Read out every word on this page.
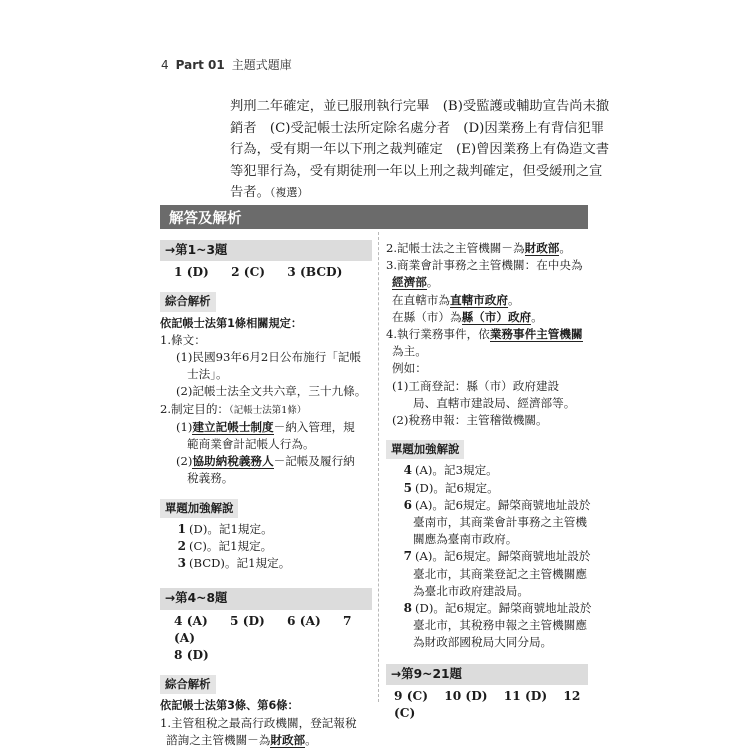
4 Part 01 主題式題庫

判刑二年確定，並已服刑執行完畢　(B)受監護或輔助宣告尚未撤

銷者　(C)受記帳士法所定除名處分者　(D)因業務上有背信犯罪

行為，受有期一年以下刑之裁判確定　(E)曾因業務上有偽造文書

等犯罪行為，受有期徒刑一年以上刑之裁判確定，但受緩刑之宣

告者。（複選）

解答及解析
→第1~3題
1 (D) 2 (C) 3 (BCD)
綜合解析

依記帳士法第1條相關規定：

1.條文：

(1)民國93年6月2日公布施行「記帳

士法」。

(2)記帳士法全文共六章，三十九條。

2.制定目的：（記帳士法第1條）

(1)建立記帳士制度－納入管理，規

範商業會計記帳人行為。

(2)協助納稅義務人－記帳及履行納

稅義務。

單題加強解說

1 (D)。記1規定。

2 (C)。記1規定。

3 (BCD)。記1規定。

→第4~8題
4 (A) 5 (D) 6 (A) 7 (A)
8 (D)
綜合解析

依記帳士法第3條、第6條：

1.主管租稅之最高行政機關，登記報稅

諮詢之主管機關－為財政部。

2.記帳士法之主管機關－為財政部。

3.商業會計事務之主管機關：在中央為

經濟部。

在直轄市為直轄市政府。

在縣（市）為縣（市）政府。

4.執行業務事件，依業務事件主管機關

為主。

例如：

(1)工商登記：縣（市）政府建設

局、直轄市建設局、經濟部等。

(2)稅務申報：主管稽徵機關。

單題加強解說

4 (A)。記3規定。

5 (D)。記6規定。

6 (A)。記6規定。歸棨商號地址設於

臺南市，其商業會計事務之主管機

關應為臺南市政府。

7 (A)。記6規定。歸棨商號地址設於

臺北市，其商業登記之主管機關應

為臺北市政府建設局。

8 (D)。記6規定。歸棨商號地址設於

臺北市，其稅務申報之主管機關應

為財政部國稅局大同分局。

→第9~21題
9 (C) 10 (D) 11 (D) 12 (C)
